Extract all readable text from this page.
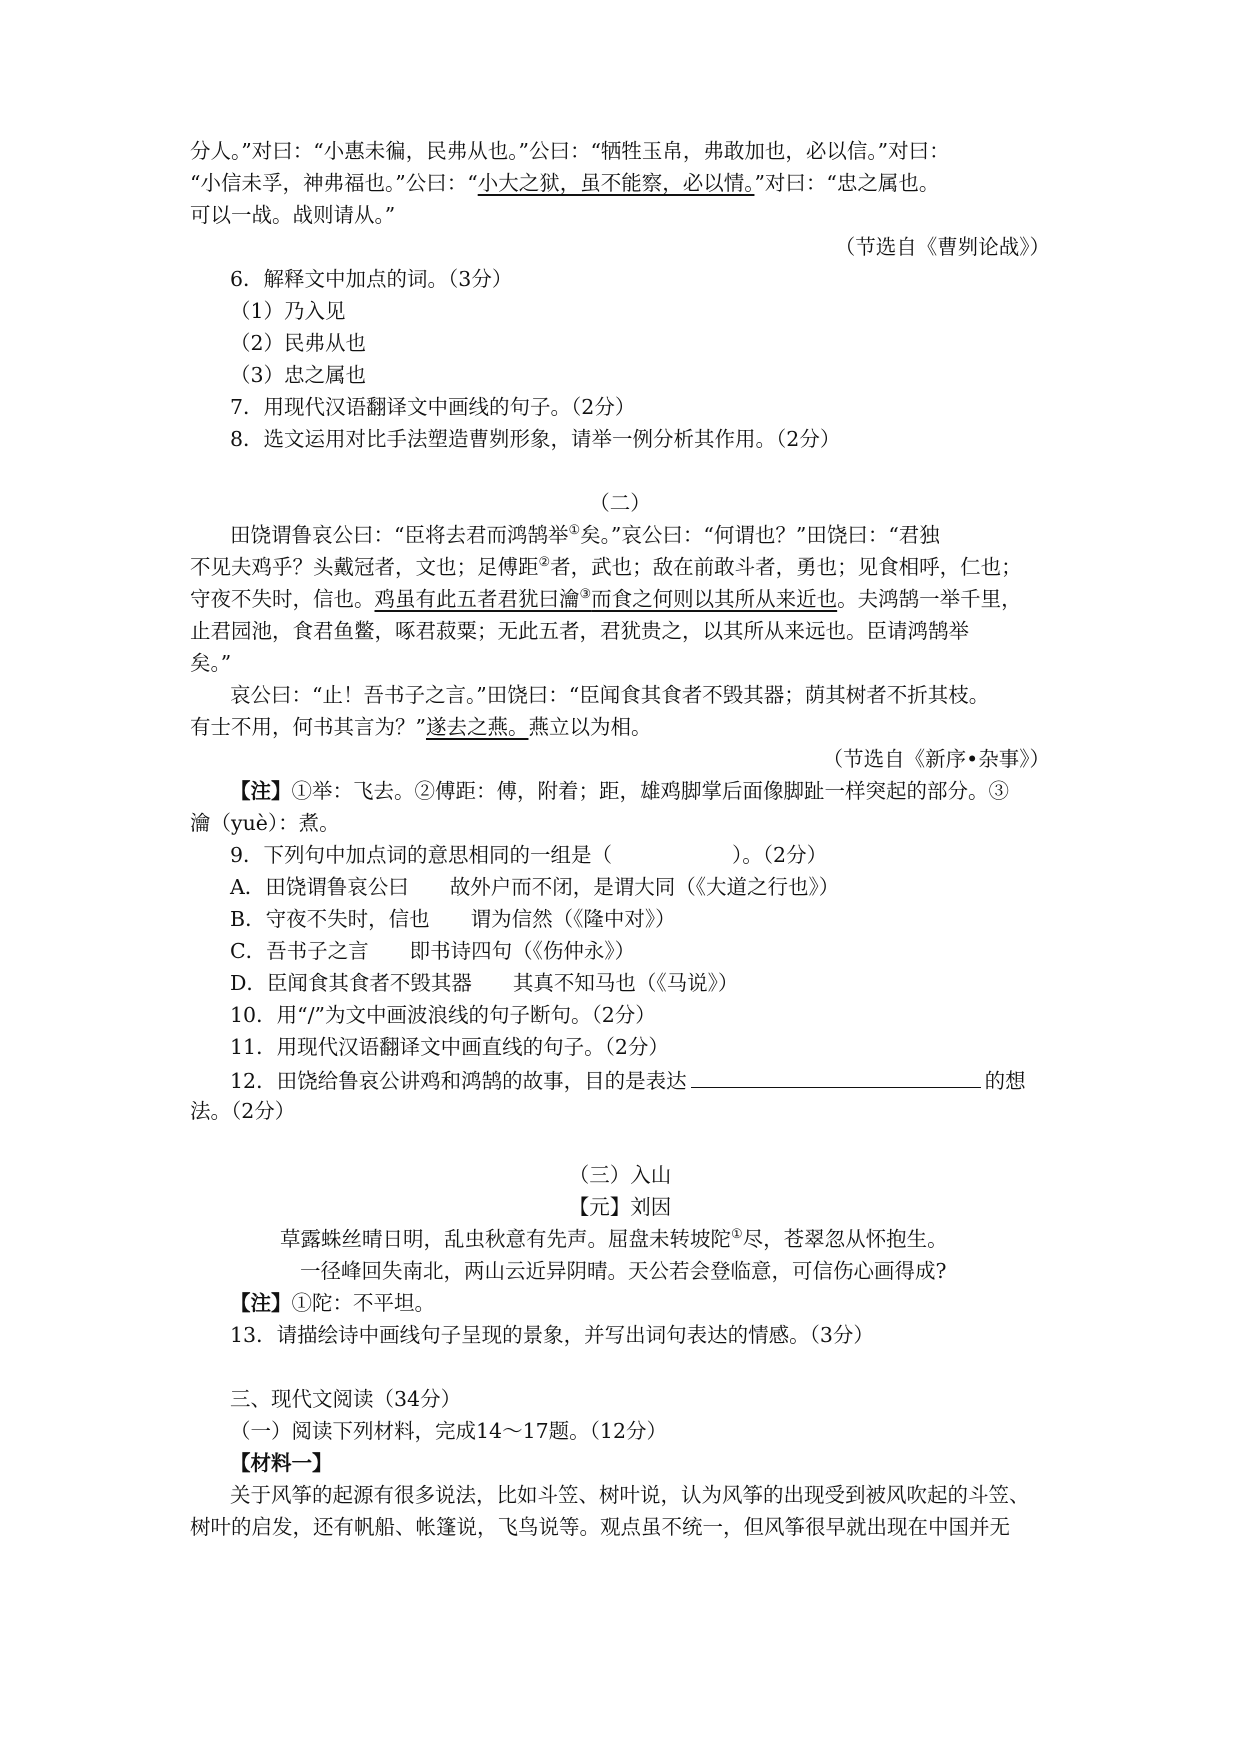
分人。”对曰：“小惠未徧，民弗从也。”公曰：“牺牲玉帛，弗敢加也，必以信。”对曰：

“小信未孚，神弗福也。”公曰：“小大之狱，虽不能察，必以情。”对曰：“忠之属也。

可以一战。战则请从。”

（节选自《曹刿论战》）

6．解释文中加点的词。（3分）

（1）乃入见

（2）民弗从也

（3）忠之属也

7．用现代汉语翻译文中画线的句子。（2分）

8．选文运用对比手法塑造曹刿形象，请举一例分析其作用。（2分）

（二）

田饶谓鲁哀公曰：“臣将去君而鸿鹄举①矣。”哀公曰：“何谓也？”田饶曰：“君独

不见夫鸡乎？头戴冠者，文也；足傅距②者，武也；敌在前敢斗者，勇也；见食相呼，仁也；

守夜不失时，信也。鸡虽有此五者君犹曰瀹③而食之何则以其所从来近也。夫鸿鹄一举千里，

止君园池，食君鱼鳖，啄君菽粟；无此五者，君犹贵之，以其所从来远也。臣请鸿鹄举

矣。”

哀公曰：“止！吾书子之言。”田饶曰：“臣闻食其食者不毁其器；荫其树者不折其枝。

有士不用，何书其言为？”遂去之燕。燕立以为相。

（节选自《新序•杂事》）

【注】①举：飞去。②傅距：傅，附着；距，雄鸡脚掌后面像脚趾一样突起的部分。③

瀹（yuè）：煮。

9．下列句中加点词的意思相同的一组是（	）。（2分）

A．田饶谓鲁哀公曰　　故外户而不闭，是谓大同（《大道之行也》）

B．守夜不失时，信也　　谓为信然（《隆中对》）

C．吾书子之言　　即书诗四句（《伤仲永》）

D．臣闻食其食者不毁其器　　其真不知马也（《马说》）

10．用“/”为文中画波浪线的句子断句。（2分）

11．用现代汉语翻译文中画直线的句子。（2分）

12．田饶给鲁哀公讲鸡和鸿鹄的故事，目的是表达	的想

法。（2分）

（三）入山

【元】刘因

草露蛛丝晴日明，乱虫秋意有先声。屈盘未转坡陀①尽，苍翠忽从怀抱生。

一径峰回失南北，两山云近异阴晴。天公若会登临意，可信伤心画得成?

【注】①陀：不平坦。

13．请描绘诗中画线句子呈现的景象，并写出词句表达的情感。（3分）

三、现代文阅读（34分）

（一）阅读下列材料，完成14～17题。（12分）

【材料一】

关于风筝的起源有很多说法，比如斗笠、树叶说，认为风筝的出现受到被风吹起的斗笠、

树叶的启发，还有帆船、帐篷说，飞鸟说等。观点虽不统一，但风筝很早就出现在中国并无
